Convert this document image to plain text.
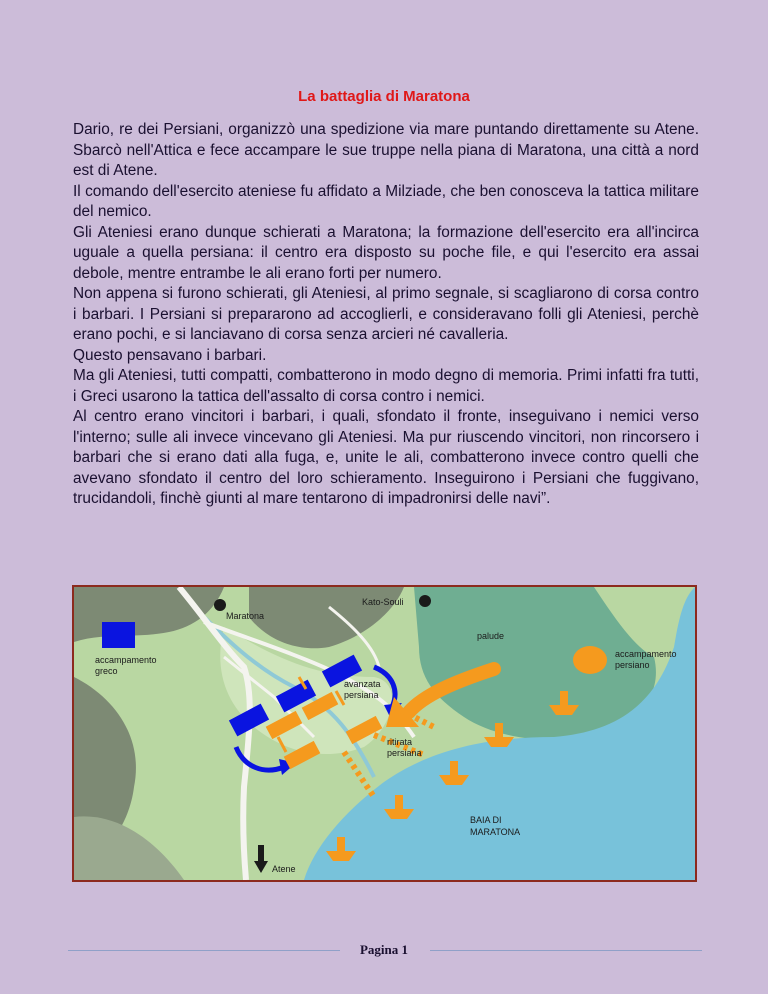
La battaglia di Maratona

Dario, re dei Persiani, organizzò una spedizione via mare puntando direttamente su Atene. Sbarcò nell'Attica e fece accampare le sue truppe nella piana di Maratona, una città a nord est di Atene.

Il comando dell'esercito ateniese fu affidato a Milziade, che ben conosceva la tattica militare del nemico.

Gli Ateniesi erano dunque schierati a Maratona; la formazione dell'esercito era all'incirca uguale a quella persiana: il centro era disposto su poche file, e qui l'esercito era assai debole, mentre entrambe le ali erano forti per numero.

Non appena si furono schierati, gli Ateniesi, al primo segnale, si scagliarono di corsa contro i barbari. I Persiani si prepararono ad accoglierli, e consideravano folli gli Ateniesi, perchè erano pochi, e si lanciavano di corsa senza arcieri né cavalleria.

Questo pensavano i barbari.

Ma gli Ateniesi, tutti compatti, combatterono in modo degno di memoria. Primi infatti fra tutti, i Greci usarono la tattica dell'assalto di corsa contro i nemici.

Al centro erano vincitori i barbari, i quali, sfondato il fronte, inseguivano i nemici verso l'interno; sulle ali invece vincevano gli Ateniesi. Ma pur riuscendo vincitori, non rincorsero i barbari che si erano dati alla fuga, e, unite le ali, combatterono invece contro quelli che avevano sfondato il centro del loro schieramento. Inseguirono i Persiani che fuggivano, trucidandoli, finchè giunti al mare tentarono di impadronirsi delle navi”.

Maratona
Kato-Souli
palude
accampamento
greco
accampamento
persiano
avanzata
persiana
ritirata
persiana
BAIA DI
MARATONA
Atene
Pagina 1
